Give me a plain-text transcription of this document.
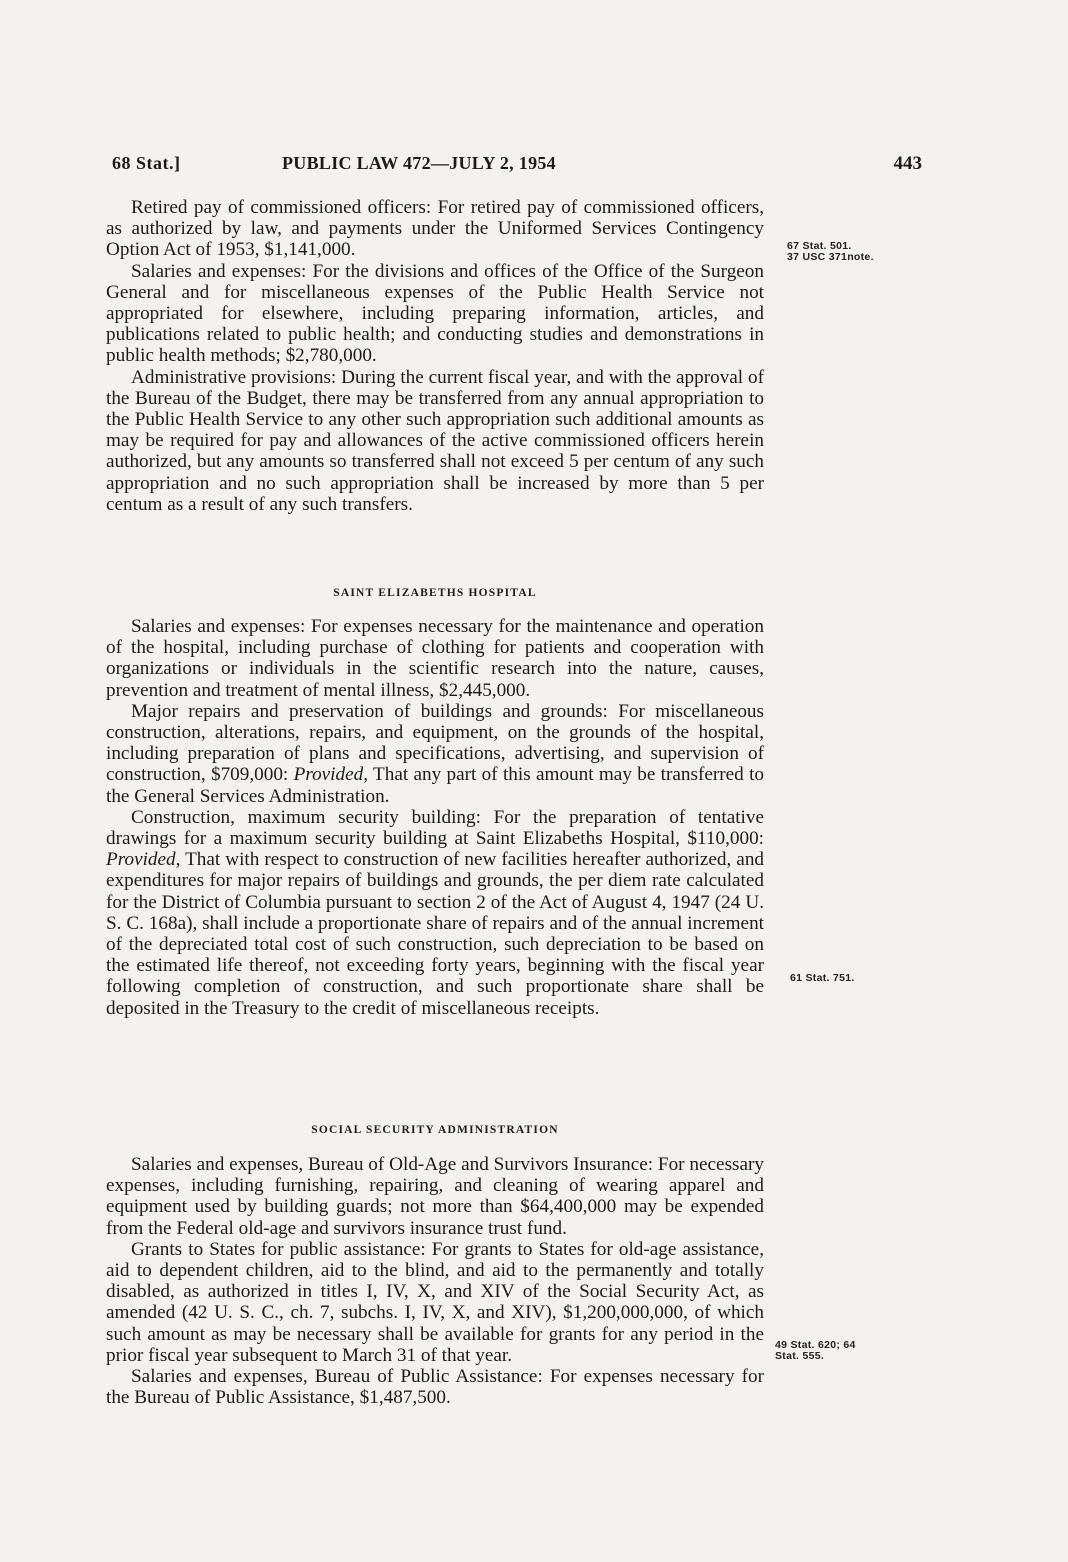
68 Stat.]	PUBLIC LAW 472—JULY 2, 1954	443

Retired pay of commissioned officers: For retired pay of commissioned officers, as authorized by law, and payments under the Uniformed Services Contingency Option Act of 1953, $1,141,000.

Salaries and expenses: For the divisions and offices of the Office of the Surgeon General and for miscellaneous expenses of the Public Health Service not appropriated for elsewhere, including preparing information, articles, and publications related to public health; and conducting studies and demonstrations in public health methods; $2,780,000.

Administrative provisions: During the current fiscal year, and with the approval of the Bureau of the Budget, there may be transferred from any annual appropriation to the Public Health Service to any other such appropriation such additional amounts as may be required for pay and allowances of the active commissioned officers herein authorized, but any amounts so transferred shall not exceed 5 per centum of any such appropriation and no such appropriation shall be increased by more than 5 per centum as a result of any such transfers.

SAINT ELIZABETHS HOSPITAL

Salaries and expenses: For expenses necessary for the maintenance and operation of the hospital, including purchase of clothing for patients and cooperation with organizations or individuals in the scientific research into the nature, causes, prevention and treatment of mental illness, $2,445,000.

Major repairs and preservation of buildings and grounds: For miscellaneous construction, alterations, repairs, and equipment, on the grounds of the hospital, including preparation of plans and specifications, advertising, and supervision of construction, $709,000: Provided, That any part of this amount may be transferred to the General Services Administration.

Construction, maximum security building: For the preparation of tentative drawings for a maximum security building at Saint Elizabeths Hospital, $110,000: Provided, That with respect to construction of new facilities hereafter authorized, and expenditures for major repairs of buildings and grounds, the per diem rate calculated for the District of Columbia pursuant to section 2 of the Act of August 4, 1947 (24 U. S. C. 168a), shall include a proportionate share of repairs and of the annual increment of the depreciated total cost of such construction, such depreciation to be based on the estimated life thereof, not exceeding forty years, beginning with the fiscal year following completion of construction, and such proportionate share shall be deposited in the Treasury to the credit of miscellaneous receipts.

SOCIAL SECURITY ADMINISTRATION

Salaries and expenses, Bureau of Old-Age and Survivors Insurance: For necessary expenses, including furnishing, repairing, and cleaning of wearing apparel and equipment used by building guards; not more than $64,400,000 may be expended from the Federal old-age and survivors insurance trust fund.

Grants to States for public assistance: For grants to States for old-age assistance, aid to dependent children, aid to the blind, and aid to the permanently and totally disabled, as authorized in titles I, IV, X, and XIV of the Social Security Act, as amended (42 U. S. C., ch. 7, subchs. I, IV, X, and XIV), $1,200,000,000, of which such amount as may be necessary shall be available for grants for any period in the prior fiscal year subsequent to March 31 of that year.

Salaries and expenses, Bureau of Public Assistance: For expenses necessary for the Bureau of Public Assistance, $1,487,500.

67 Stat. 501.
37 USC 371note.
61 Stat. 751.
49 Stat. 620; 64
Stat. 555.
